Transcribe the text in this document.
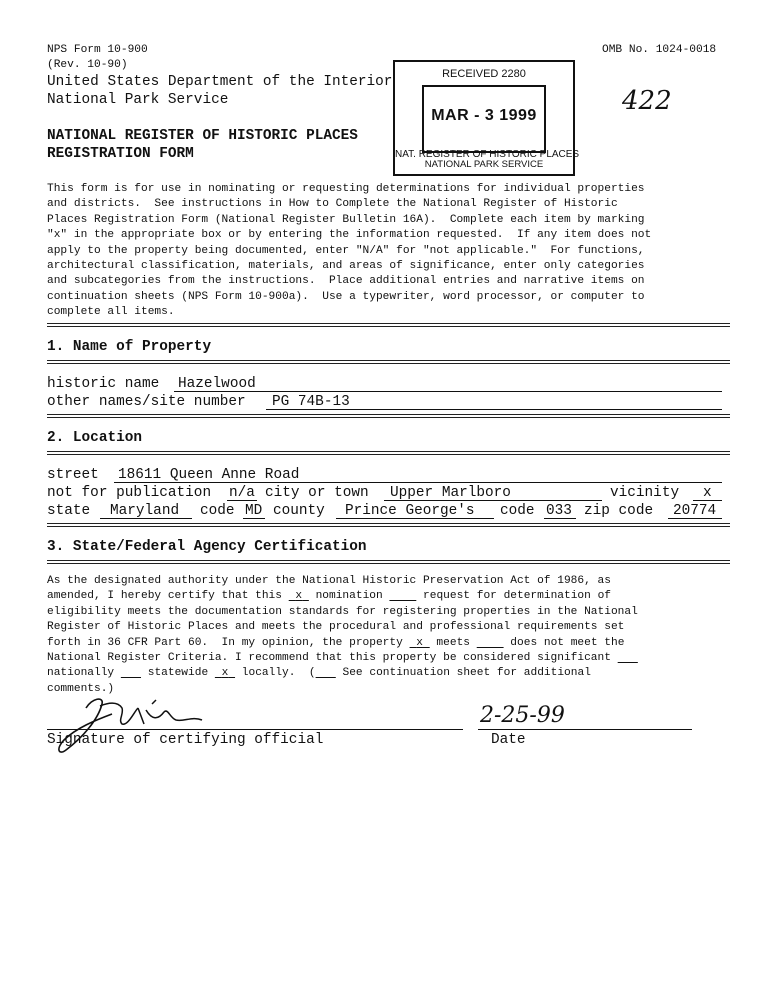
NPS Form 10-900
(Rev. 10-90)
OMB No. 1024-0018
United States Department of the Interior
National Park Service
NATIONAL REGISTER OF HISTORIC PLACES
REGISTRATION FORM
RECEIVED 2280
MAR - 3 1999
NAT. REGISTER OF HISTORIC PLACES
NATIONAL PARK SERVICE
422
This form is for use in nominating or requesting determinations for individual properties
and districts.  See instructions in How to Complete the National Register of Historic
Places Registration Form (National Register Bulletin 16A).  Complete each item by marking
"x" in the appropriate box or by entering the information requested.  If any item does not
apply to the property being documented, enter "N/A" for "not applicable."  For functions,
architectural classification, materials, and areas of significance, enter only categories
and subcategories from the instructions.  Place additional entries and narrative items on
continuation sheets (NPS Form 10-900a).  Use a typewriter, word processor, or computer to
complete all items.
1. Name of Property
historic name Hazelwood
other names/site number PG 74B-13
2. Location
street 18611 Queen Anne Road
not for publication n/a city or town Upper Marlboro	vicinity x
state Maryland code MD county Prince George's code 033 zip code 20774
3. State/Federal Agency Certification
As the designated authority under the National Historic Preservation Act of 1986, as
amended, I hereby certify that this x nomination	request for determination of
eligibility meets the documentation standards for registering properties in the National
Register of Historic Places and meets the procedural and professional requirements set
forth in 36 CFR Part 60.  In my opinion, the property x meets	does not meet the
National Register Criteria. I recommend that this property be considered significant
nationally	statewide x locally.  ( See continuation sheet for additional
comments.)
Signature of certifying official
2-25-99
Date
